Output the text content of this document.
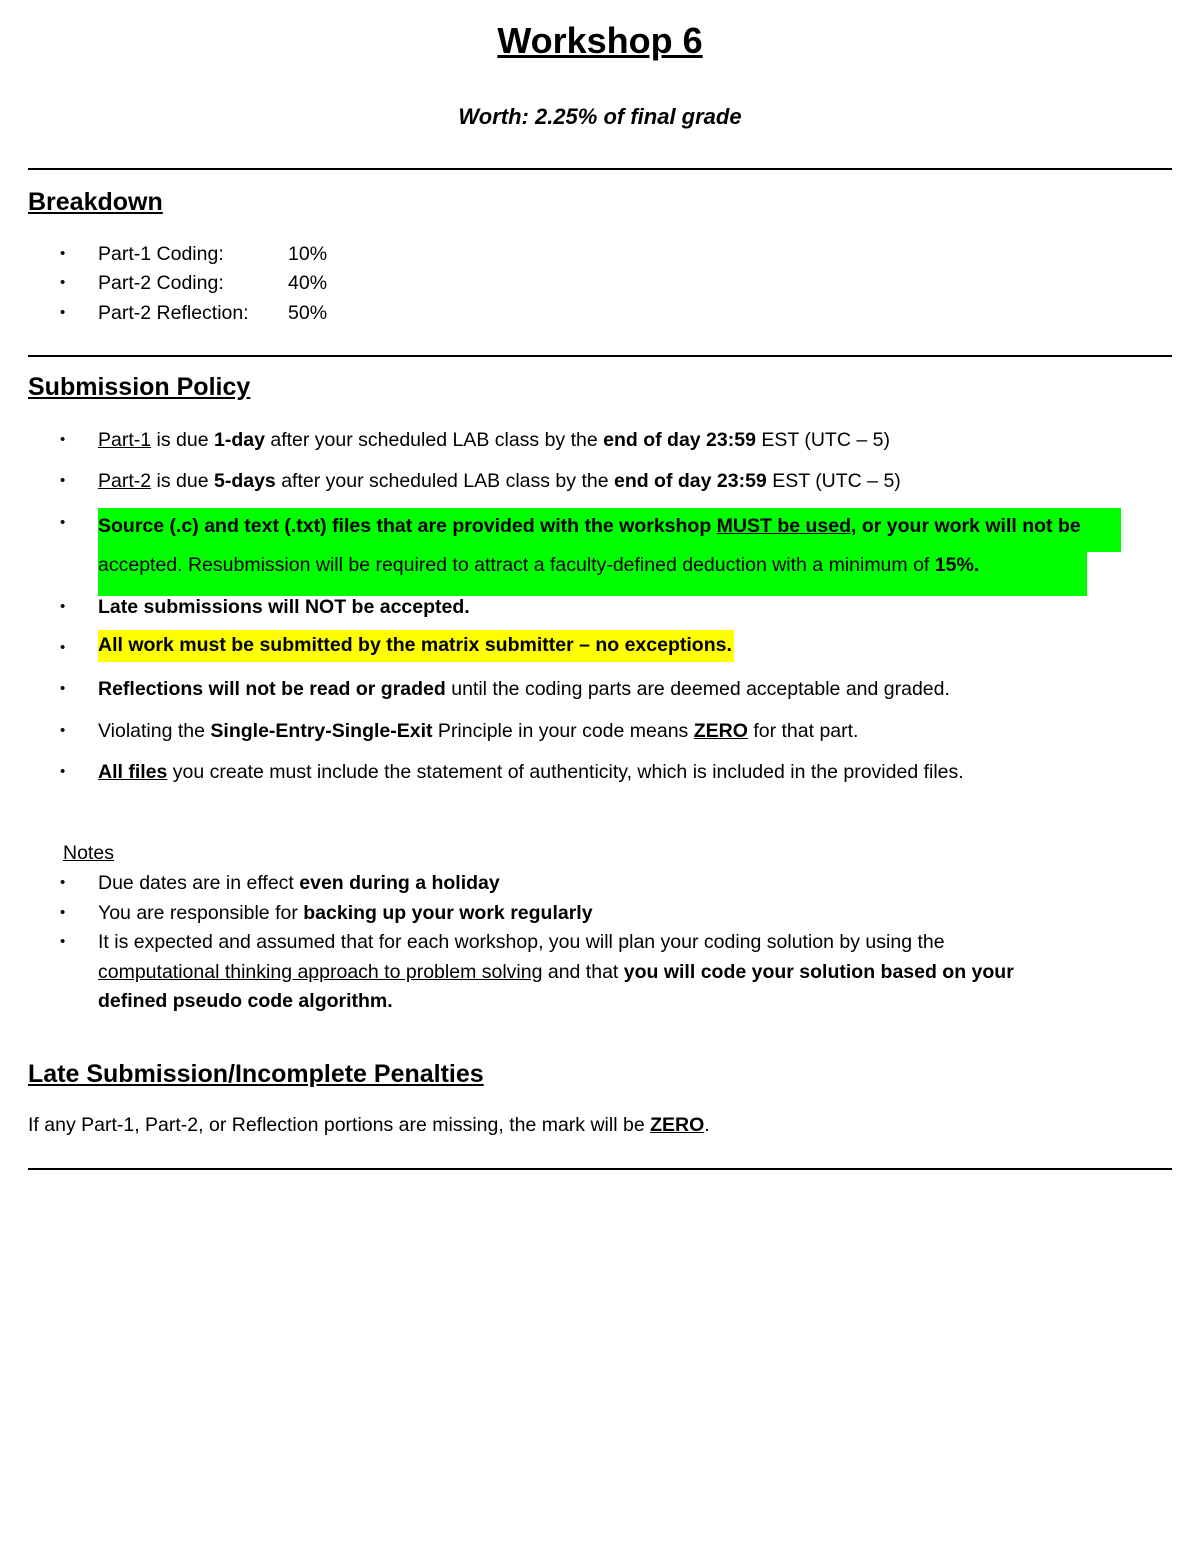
Workshop 6
Worth: 2.25% of final grade
Breakdown
• Part-1 Coding:	10%
• Part-2 Coding:	40%
• Part-2 Reflection: 50%
Submission Policy
•
•
•
•
•
•
•
•
Part-1 is due 1-day after your scheduled LAB class by the end of day 23:59 EST (UTC – 5)
Part-2 is due 5-days after your scheduled LAB class by the end of day 23:59 EST (UTC – 5)
Source (.c) and text (.txt) files that are provided with the workshop MUST be used, or your work will not be
accepted. Resubmission will be required to attract a faculty-defined deduction with a minimum of 15%.
Late submissions will NOT be accepted.
All work must be submitted by the matrix submitter – no exceptions.
Reflections will not be read or graded until the coding parts are deemed acceptable and graded.
Violating the Single-Entry-Single-Exit Principle in your code means ZERO for that part.
All files you create must include the statement of authenticity, which is included in the provided files.
Notes
• Due dates are in effect even during a holiday
• You are responsible for backing up your work regularly
• It is expected and assumed that for each workshop, you will plan your coding solution by using the
computational thinking approach to problem solving and that you will code your solution based on your
defined pseudo code algorithm.
Late Submission/Incomplete Penalties
If any Part-1, Part-2, or Reflection portions are missing, the mark will be ZERO.
